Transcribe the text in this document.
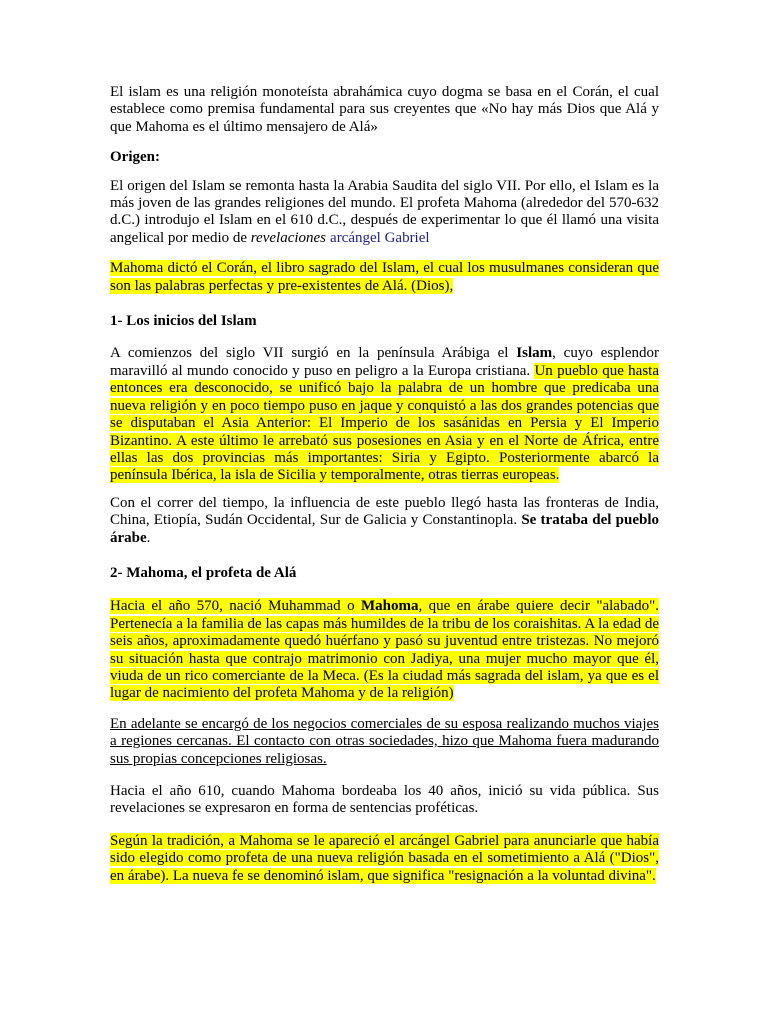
El islam es una religión monoteísta abrahámica cuyo dogma se basa en el Corán, el cual establece como premisa fundamental para sus creyentes que «No hay más Dios que Alá y que Mahoma es el último mensajero de Alá»

Origen:

El origen del Islam se remonta hasta la Arabia Saudita del siglo VII. Por ello, el Islam es la más joven de las grandes religiones del mundo. El profeta Mahoma (alrededor del 570-632 d.C.) introdujo el Islam en el 610 d.C., después de experimentar lo que él llamó una visita angelical por medio de revelaciones arcángel Gabriel

Mahoma dictó el Corán, el libro sagrado del Islam, el cual los musulmanes consideran que son las palabras perfectas y pre-existentes de Alá. (Dios),

1- Los inicios del Islam

A comienzos del siglo VII surgió en la península Arábiga el Islam, cuyo esplendor maravilló al mundo conocido y puso en peligro a la Europa cristiana. Un pueblo que hasta entonces era desconocido, se unificó bajo la palabra de un hombre que predicaba una nueva religión y en poco tiempo puso en jaque y conquistó a las dos grandes potencias que se disputaban el Asia Anterior: El Imperio de los sasánidas en Persia y El Imperio Bizantino. A este último le arrebató sus posesiones en Asia y en el Norte de África, entre ellas las dos provincias más importantes: Siria y Egipto. Posteriormente abarcó la península Ibérica, la isla de Sicilia y temporalmente, otras tierras europeas.

Con el correr del tiempo, la influencia de este pueblo llegó hasta las fronteras de India, China, Etiopía, Sudán Occidental, Sur de Galicia y Constantinopla. Se trataba del pueblo árabe.

2- Mahoma, el profeta de Alá

Hacia el año 570, nació Muhammad o Mahoma, que en árabe quiere decir "alabado". Pertenecía a la familia de las capas más humildes de la tribu de los coraishitas. A la edad de seis años, aproximadamente quedó huérfano y pasó su juventud entre tristezas. No mejoró su situación hasta que contrajo matrimonio con Jadiya, una mujer mucho mayor que él, viuda de un rico comerciante de la Meca. (Es la ciudad más sagrada del islam, ya que es el lugar de nacimiento del profeta Mahoma y de la religión)

En adelante se encargó de los negocios comerciales de su esposa realizando muchos viajes a regiones cercanas. El contacto con otras sociedades, hizo que Mahoma fuera madurando sus propias concepciones religiosas.

Hacia el año 610, cuando Mahoma bordeaba los 40 años, inició su vida pública. Sus revelaciones se expresaron en forma de sentencias proféticas.

Según la tradición, a Mahoma se le apareció el arcángel Gabriel para anunciarle que había sido elegido como profeta de una nueva religión basada en el sometimiento a Alá ("Dios", en árabe). La nueva fe se denominó islam, que significa "resignación a la voluntad divina".
